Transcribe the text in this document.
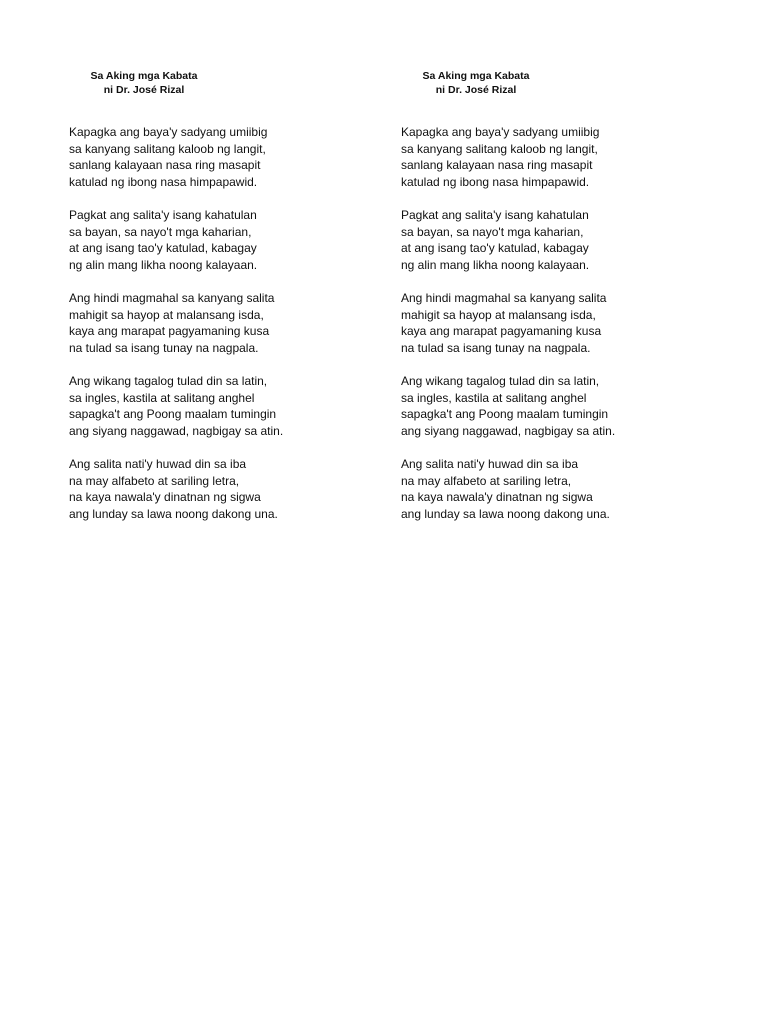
Sa Aking mga Kabata
ni Dr. José Rizal
Kapagka ang baya'y sadyang umiibig
sa kanyang salitang kaloob ng langit,
sanlang kalayaan nasa ring masapit
katulad ng ibong nasa himpapawid.
Pagkat ang salita'y isang kahatulan
sa bayan, sa nayo't mga kaharian,
at ang isang tao'y katulad, kabagay
ng alin mang likha noong kalayaan.
Ang hindi magmahal sa kanyang salita
mahigit sa hayop at malansang isda,
kaya ang marapat pagyamaning kusa
na tulad sa isang tunay na nagpala.
Ang wikang tagalog tulad din sa latin,
sa ingles, kastila at salitang anghel
sapagka't ang Poong maalam tumingin
ang siyang naggawad, nagbigay sa atin.
Ang salita nati'y huwad din sa iba
na may alfabeto at sariling letra,
na kaya nawala'y dinatnan ng sigwa
ang lunday sa lawa noong dakong una.
Sa Aking mga Kabata
ni Dr. José Rizal
Kapagka ang baya'y sadyang umiibig
sa kanyang salitang kaloob ng langit,
sanlang kalayaan nasa ring masapit
katulad ng ibong nasa himpapawid.
Pagkat ang salita'y isang kahatulan
sa bayan, sa nayo't mga kaharian,
at ang isang tao'y katulad, kabagay
ng alin mang likha noong kalayaan.
Ang hindi magmahal sa kanyang salita
mahigit sa hayop at malansang isda,
kaya ang marapat pagyamaning kusa
na tulad sa isang tunay na nagpala.
Ang wikang tagalog tulad din sa latin,
sa ingles, kastila at salitang anghel
sapagka't ang Poong maalam tumingin
ang siyang naggawad, nagbigay sa atin.
Ang salita nati'y huwad din sa iba
na may alfabeto at sariling letra,
na kaya nawala'y dinatnan ng sigwa
ang lunday sa lawa noong dakong una.
